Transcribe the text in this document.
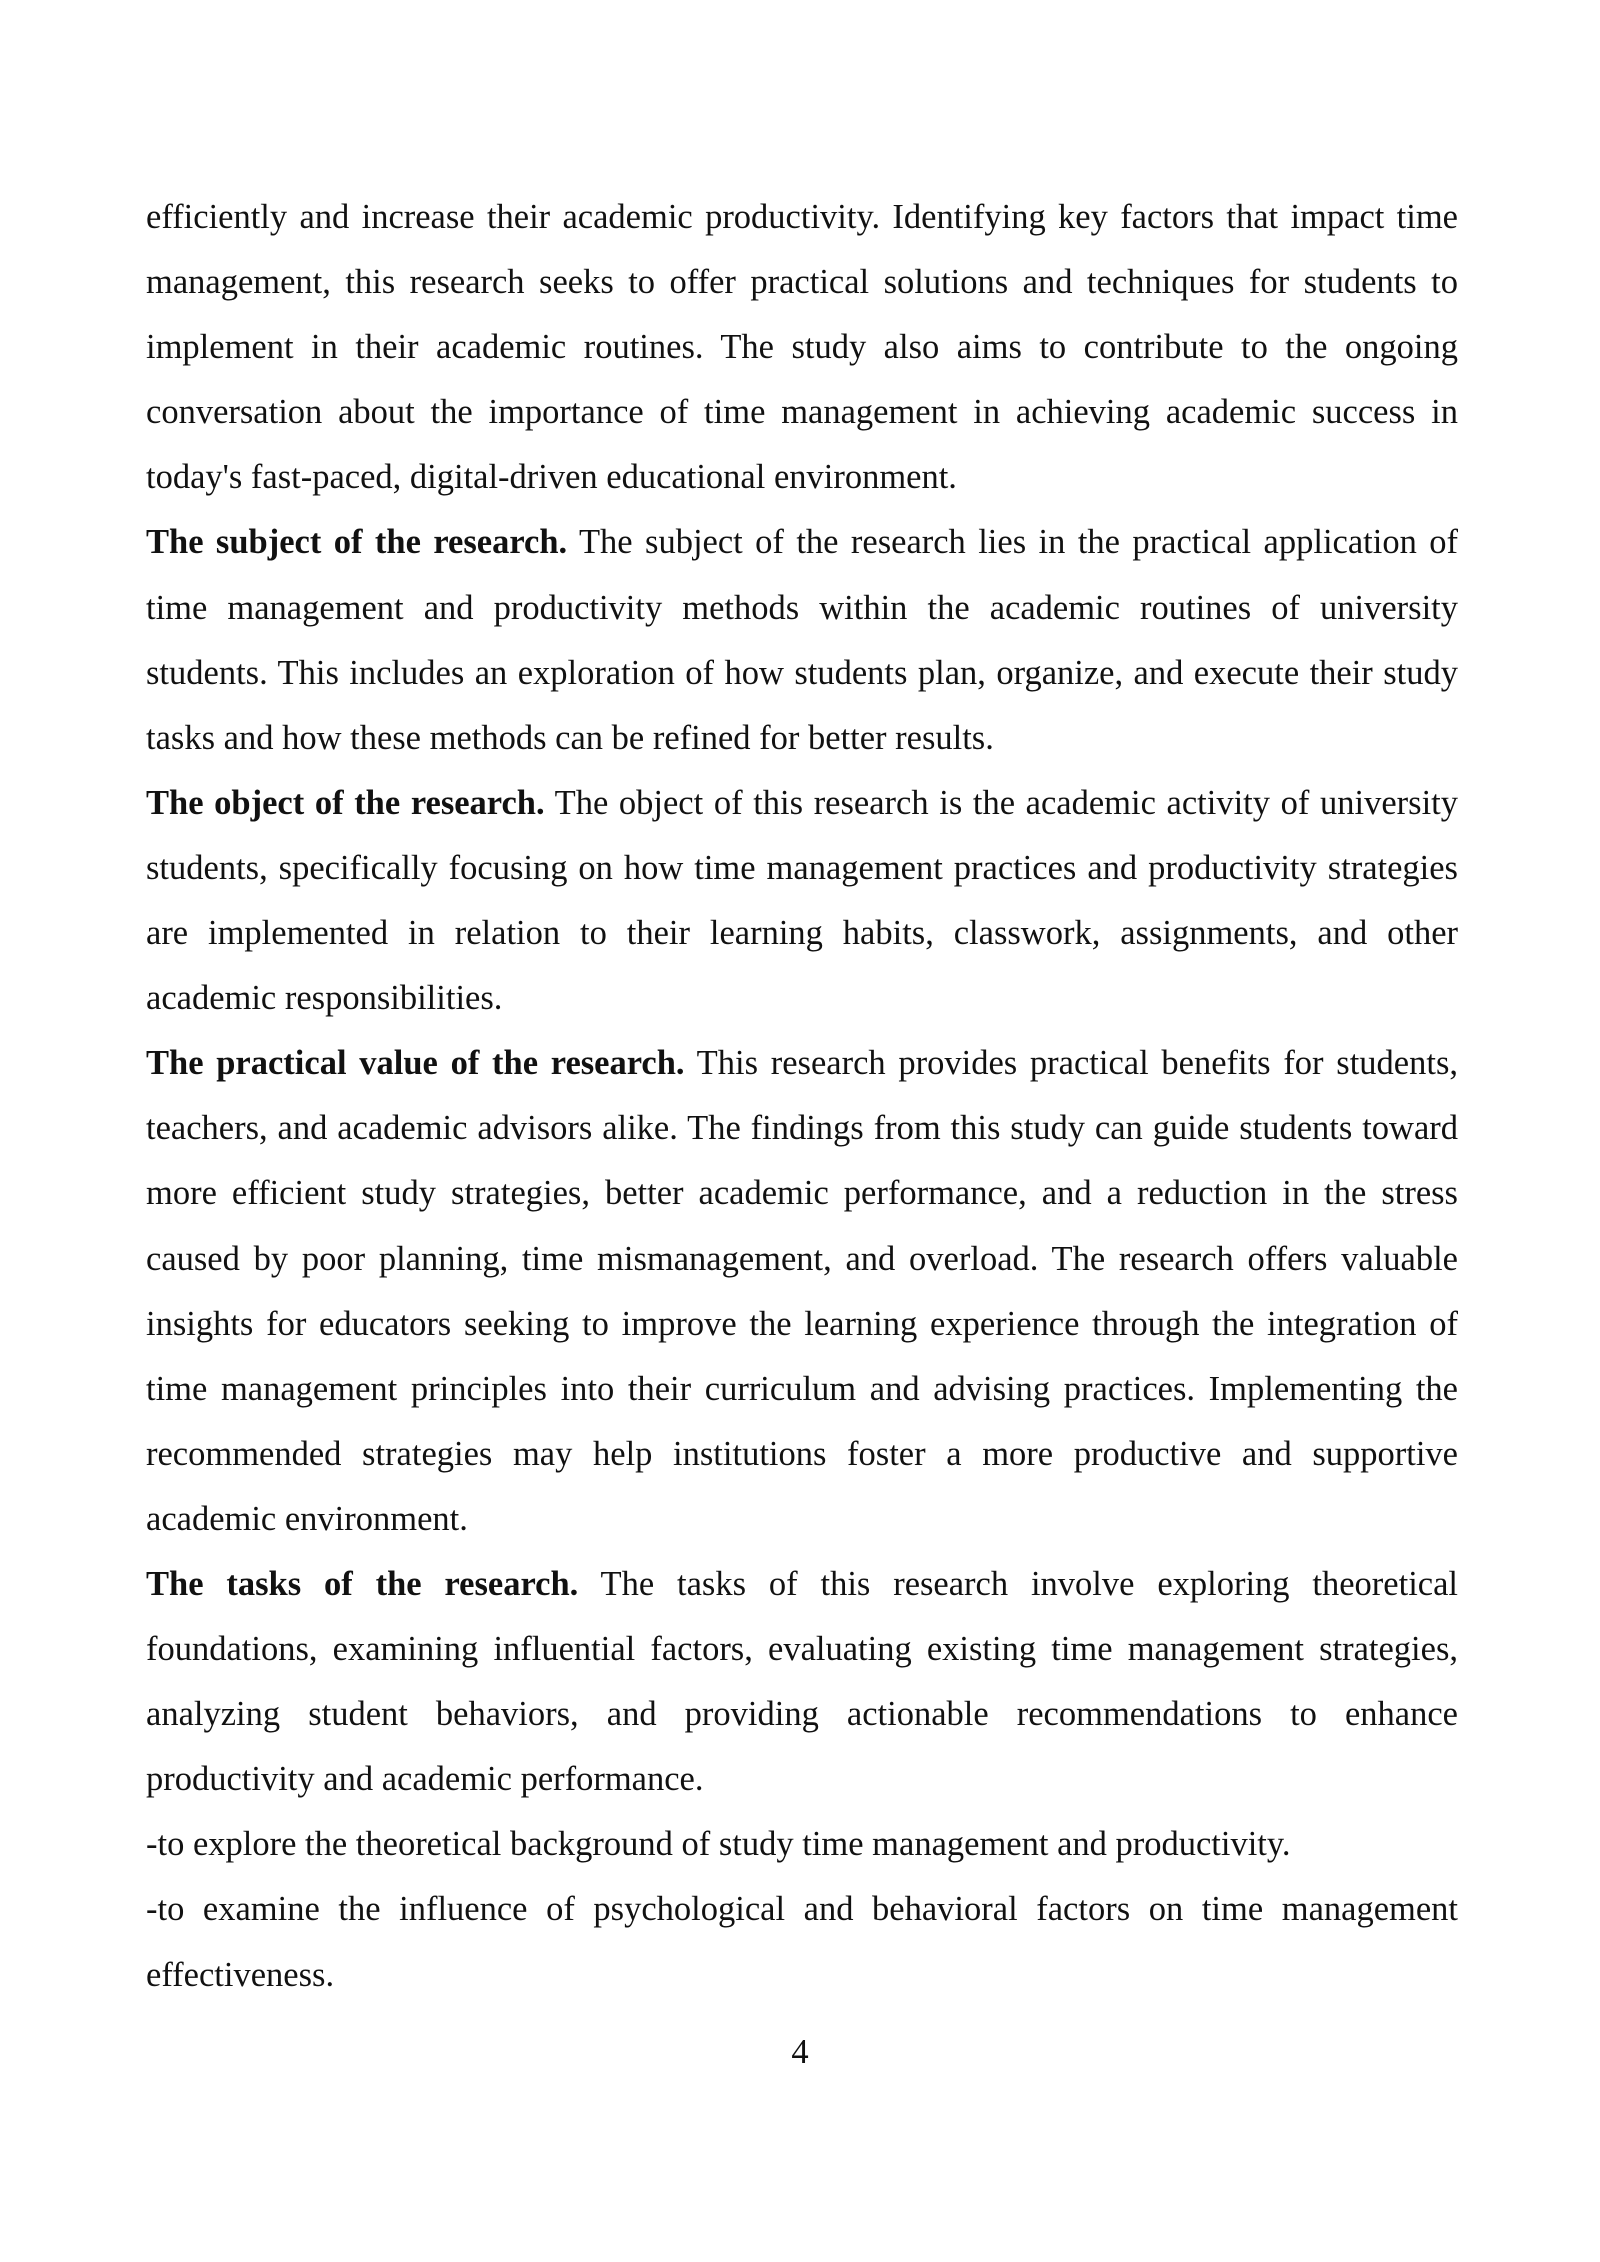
efficiently and increase their academic productivity. Identifying key factors that impact time management, this research seeks to offer practical solutions and techniques for students to implement in their academic routines. The study also aims to contribute to the ongoing conversation about the importance of time management in achieving academic success in today's fast-paced, digital-driven educational environment.

The subject of the research. The subject of the research lies in the practical application of time management and productivity methods within the academic routines of university students. This includes an exploration of how students plan, organize, and execute their study tasks and how these methods can be refined for better results.

The object of the research. The object of this research is the academic activity of university students, specifically focusing on how time management practices and productivity strategies are implemented in relation to their learning habits, classwork, assignments, and other academic responsibilities.

The practical value of the research. This research provides practical benefits for students, teachers, and academic advisors alike. The findings from this study can guide students toward more efficient study strategies, better academic performance, and a reduction in the stress caused by poor planning, time mismanagement, and overload. The research offers valuable insights for educators seeking to improve the learning experience through the integration of time management principles into their curriculum and advising practices. Implementing the recommended strategies may help institutions foster a more productive and supportive academic environment.

The tasks of the research. The tasks of this research involve exploring theoretical foundations, examining influential factors, evaluating existing time management strategies, analyzing student behaviors, and providing actionable recommendations to enhance productivity and academic performance.

-to explore the theoretical background of study time management and productivity.

-to examine the influence of psychological and behavioral factors on time management effectiveness.

4
